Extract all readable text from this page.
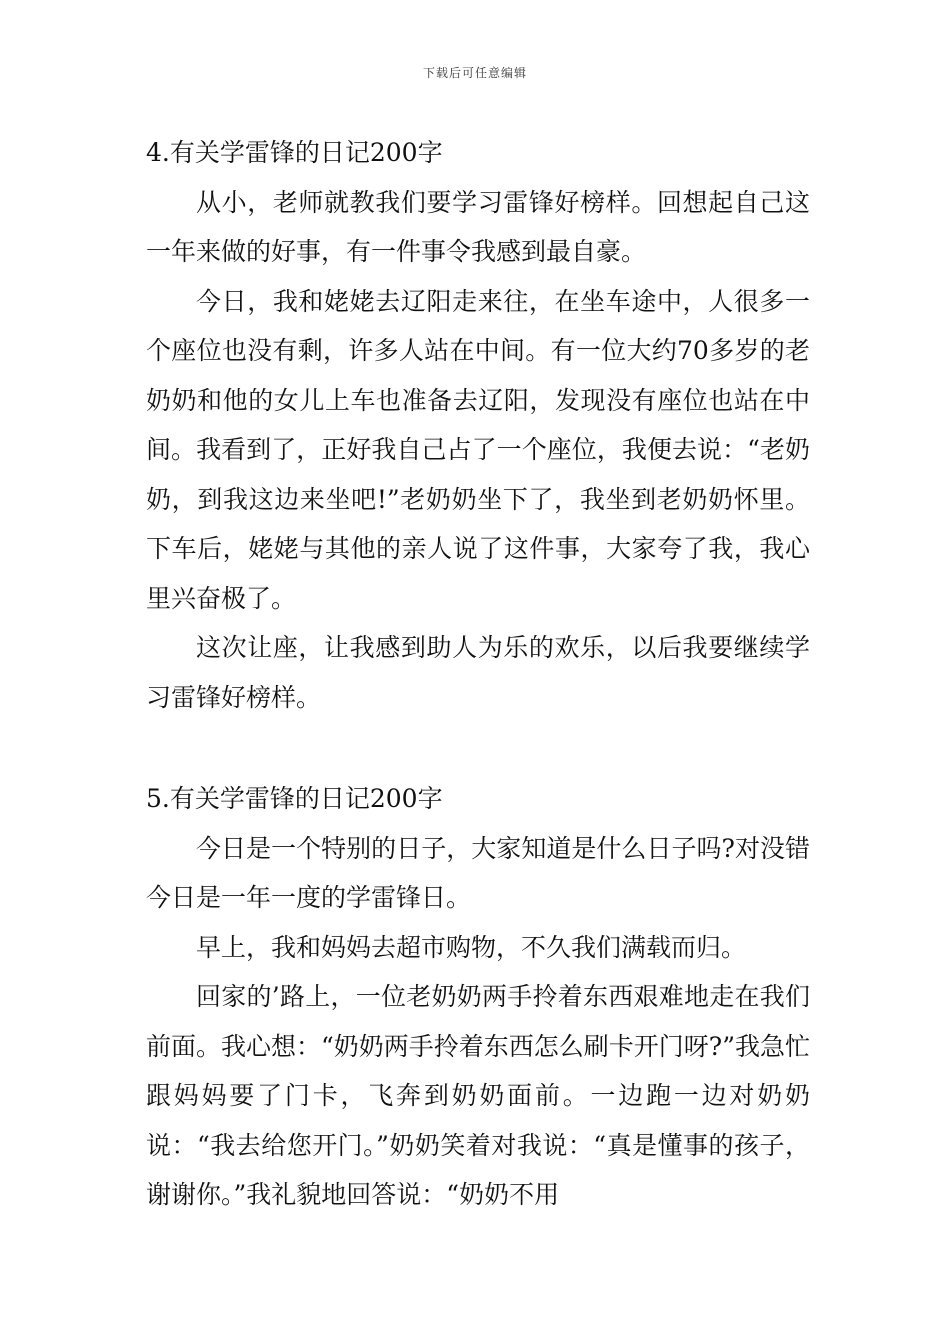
下载后可任意编辑
4.有关学雷锋的日记200字

从小，老师就教我们要学习雷锋好榜样。回想起自己这一年来做的好事，有一件事令我感到最自豪。

今日，我和姥姥去辽阳走来往，在坐车途中，人很多一个座位也没有剩，许多人站在中间。有一位大约70多岁的老奶奶和他的女儿上车也准备去辽阳，发现没有座位也站在中间。我看到了，正好我自己占了一个座位，我便去说：“老奶奶，到我这边来坐吧!”老奶奶坐下了，我坐到老奶奶怀里。下车后，姥姥与其他的亲人说了这件事，大家夸了我，我心里兴奋极了。

这次让座，让我感到助人为乐的欢乐，以后我要继续学习雷锋好榜样。

5.有关学雷锋的日记200字

今日是一个特别的日子，大家知道是什么日子吗?对没错今日是一年一度的学雷锋日。

早上，我和妈妈去超市购物，不久我们满载而归。

回家的’路上，一位老奶奶两手拎着东西艰难地走在我们前面。我心想：“奶奶两手拎着东西怎么刷卡开门呀?”我急忙跟妈妈要了门卡，飞奔到奶奶面前。一边跑一边对奶奶说：“我去给您开门。”奶奶笑着对我说：“真是懂事的孩子，谢谢你。”我礼貌地回答说：“奶奶不用
